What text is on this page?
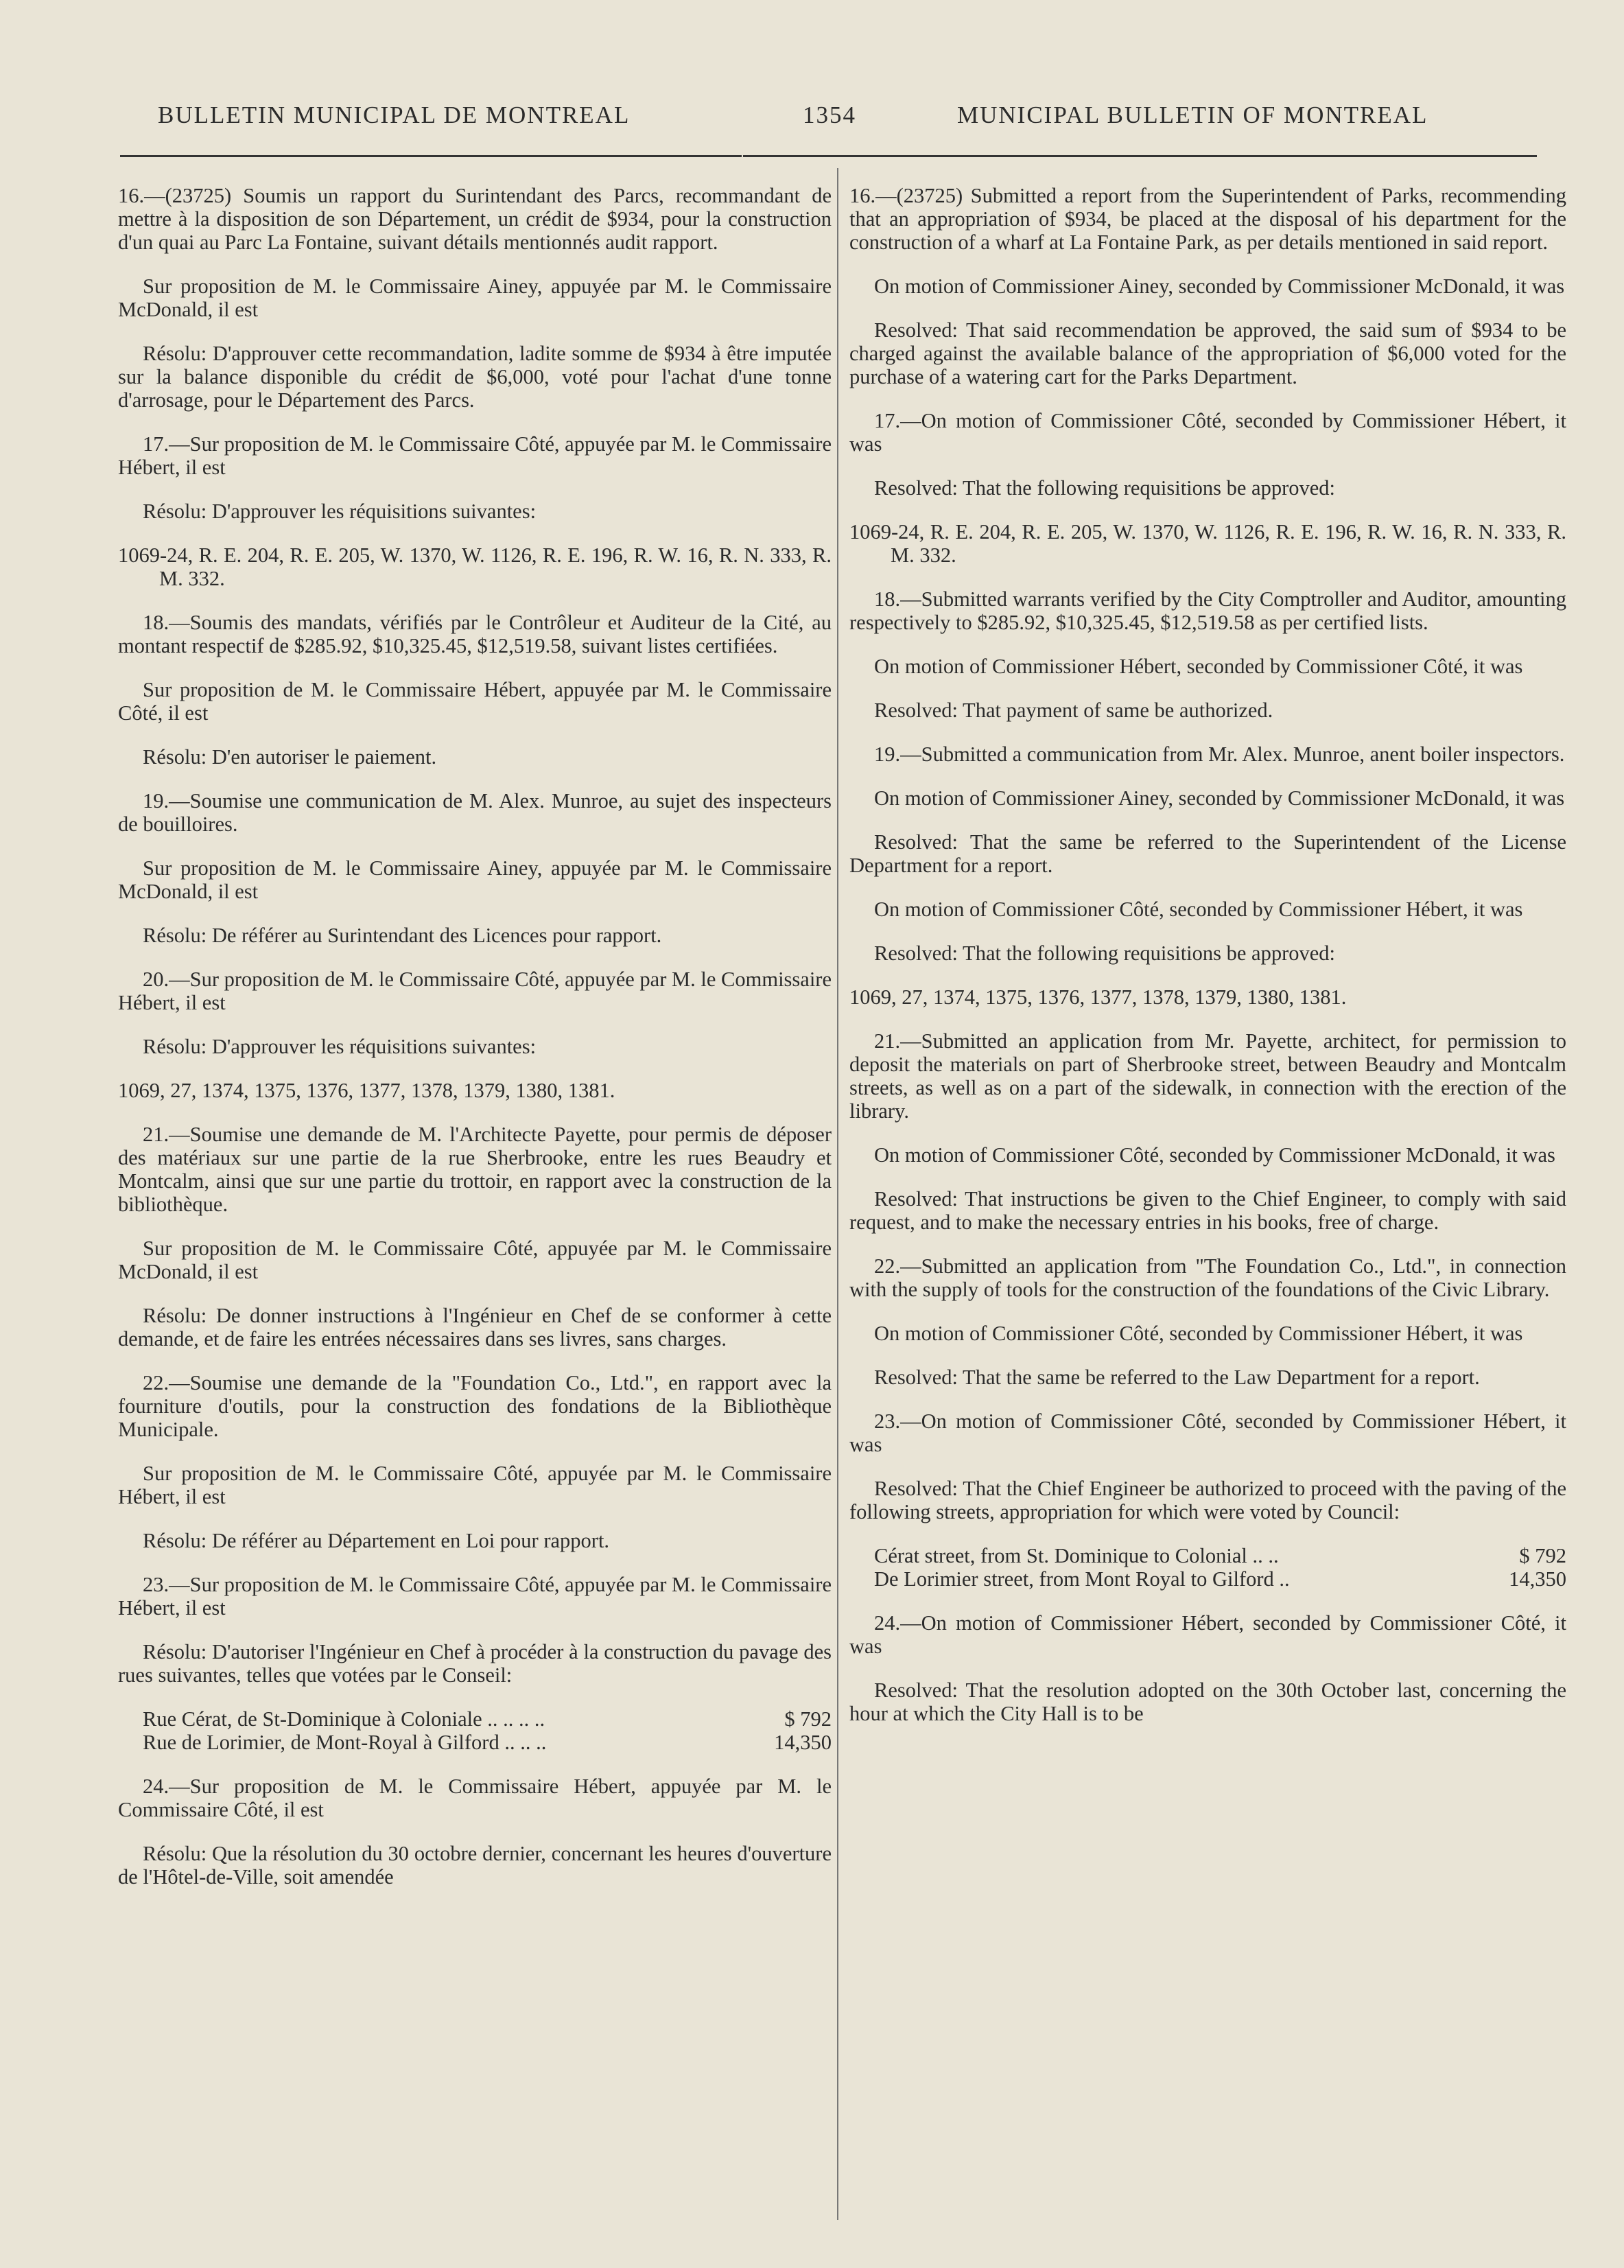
BULLETIN MUNICIPAL DE MONTREAL	1354	MUNICIPAL BULLETIN OF MONTREAL

16.—(23725) Soumis un rapport du Surintendant des Parcs, recommandant de mettre à la disposition de son Département, un crédit de $934, pour la construction d'un quai au Parc La Fontaine, suivant détails mentionnés audit rapport.

Sur proposition de M. le Commissaire Ainey, appuyée par M. le Commissaire McDonald, il est

Résolu: D'approuver cette recommandation, ladite somme de $934 à être imputée sur la balance disponible du crédit de $6,000, voté pour l'achat d'une tonne d'arrosage, pour le Département des Parcs.

17.—Sur proposition de M. le Commissaire Côté, appuyée par M. le Commissaire Hébert, il est

Résolu: D'approuver les réquisitions suivantes:

1069-24, R. E. 204, R. E. 205, W. 1370, W. 1126, R. E. 196, R. W. 16, R. N. 333, R. M. 332.

18.—Soumis des mandats, vérifiés par le Contrôleur et Auditeur de la Cité, au montant respectif de $285.92, $10,325.45, $12,519.58, suivant listes certifiées.

Sur proposition de M. le Commissaire Hébert, appuyée par M. le Commissaire Côté, il est

Résolu: D'en autoriser le paiement.

19.—Soumise une communication de M. Alex. Munroe, au sujet des inspecteurs de bouilloires.

Sur proposition de M. le Commissaire Ainey, appuyée par M. le Commissaire McDonald, il est

Résolu: De référer au Surintendant des Licences pour rapport.

20.—Sur proposition de M. le Commissaire Côté, appuyée par M. le Commissaire Hébert, il est

Résolu: D'approuver les réquisitions suivantes:

1069, 27, 1374, 1375, 1376, 1377, 1378, 1379, 1380, 1381.

21.—Soumise une demande de M. l'Architecte Payette, pour permis de déposer des matériaux sur une partie de la rue Sherbrooke, entre les rues Beaudry et Montcalm, ainsi que sur une partie du trottoir, en rapport avec la construction de la bibliothèque.

Sur proposition de M. le Commissaire Côté, appuyée par M. le Commissaire McDonald, il est

Résolu: De donner instructions à l'Ingénieur en Chef de se conformer à cette demande, et de faire les entrées nécessaires dans ses livres, sans charges.

22.—Soumise une demande de la "Foundation Co., Ltd.", en rapport avec la fourniture d'outils, pour la construction des fondations de la Bibliothèque Municipale.

Sur proposition de M. le Commissaire Côté, appuyée par M. le Commissaire Hébert, il est

Résolu: De référer au Département en Loi pour rapport.

23.—Sur proposition de M. le Commissaire Côté, appuyée par M. le Commissaire Hébert, il est

Résolu: D'autoriser l'Ingénieur en Chef à procéder à la construction du pavage des rues suivantes, telles que votées par le Conseil:

Rue Cérat, de St-Dominique à Coloniale .. .. .. ..	$ 792
Rue de Lorimier, de Mont-Royal à Gilford .. .. ..	14,350

24.—Sur proposition de M. le Commissaire Hébert, appuyée par M. le Commissaire Côté, il est

Résolu: Que la résolution du 30 octobre dernier, concernant les heures d'ouverture de l'Hôtel-de-Ville, soit amendée

16.—(23725) Submitted a report from the Superintendent of Parks, recommending that an appropriation of $934, be placed at the disposal of his department for the construction of a wharf at La Fontaine Park, as per details mentioned in said report.

On motion of Commissioner Ainey, seconded by Commissioner McDonald, it was

Resolved: That said recommendation be approved, the said sum of $934 to be charged against the available balance of the appropriation of $6,000 voted for the purchase of a watering cart for the Parks Department.

17.—On motion of Commissioner Côté, seconded by Commissioner Hébert, it was

Resolved: That the following requisitions be approved:

1069-24, R. E. 204, R. E. 205, W. 1370, W. 1126, R. E. 196, R. W. 16, R. N. 333, R. M. 332.

18.—Submitted warrants verified by the City Comptroller and Auditor, amounting respectively to $285.92, $10,325.45, $12,519.58 as per certified lists.

On motion of Commissioner Hébert, seconded by Commissioner Côté, it was

Resolved: That payment of same be authorized.

19.—Submitted a communication from Mr. Alex. Munroe, anent boiler inspectors.

On motion of Commissioner Ainey, seconded by Commissioner McDonald, it was

Resolved: That the same be referred to the Superintendent of the License Department for a report.

On motion of Commissioner Côté, seconded by Commissioner Hébert, it was

Resolved: That the following requisitions be approved:

1069, 27, 1374, 1375, 1376, 1377, 1378, 1379, 1380, 1381.

21.—Submitted an application from Mr. Payette, architect, for permission to deposit the materials on part of Sherbrooke street, between Beaudry and Montcalm streets, as well as on a part of the sidewalk, in connection with the erection of the library.

On motion of Commissioner Côté, seconded by Commissioner McDonald, it was

Resolved: That instructions be given to the Chief Engineer, to comply with said request, and to make the necessary entries in his books, free of charge.

22.—Submitted an application from "The Foundation Co., Ltd.", in connection with the supply of tools for the construction of the foundations of the Civic Library.

On motion of Commissioner Côté, seconded by Commissioner Hébert, it was

Resolved: That the same be referred to the Law Department for a report.

23.—On motion of Commissioner Côté, seconded by Commissioner Hébert, it was

Resolved: That the Chief Engineer be authorized to proceed with the paving of the following streets, appropriation for which were voted by Council:

Cérat street, from St. Dominique to Colonial .. ..	$ 792
De Lorimier street, from Mont Royal to Gilford ..	14,350

24.—On motion of Commissioner Hébert, seconded by Commissioner Côté, it was

Resolved: That the resolution adopted on the 30th October last, concerning the hour at which the City Hall is to be
